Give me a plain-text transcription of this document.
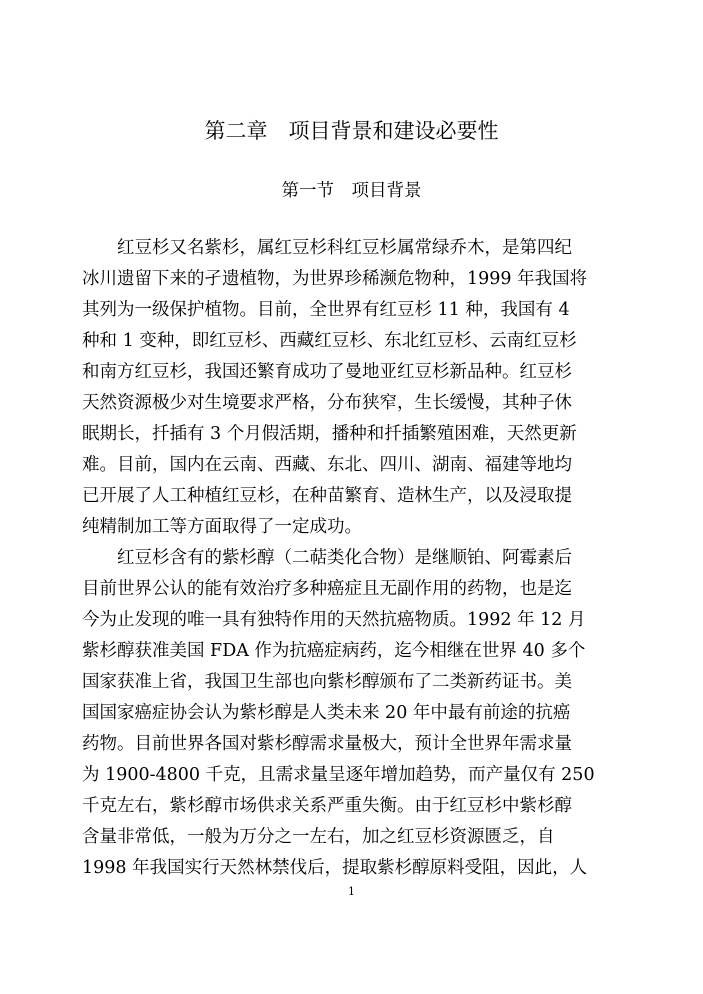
第二章　项目背景和建设必要性
第一节　项目背景
　　红豆杉又名紫杉，属红豆杉科红豆杉属常绿乔木，是第四纪
冰川遗留下来的孑遗植物，为世界珍稀濒危物种，1999 年我国将
其列为一级保护植物。目前，全世界有红豆杉 11 种，我国有 4
种和 1 变种，即红豆杉、西藏红豆杉、东北红豆杉、云南红豆杉
和南方红豆杉，我国还繁育成功了曼地亚红豆杉新品种。红豆杉
天然资源极少对生境要求严格，分布狭窄，生长缓慢，其种子休
眠期长，扦插有 3 个月假活期，播种和扦插繁殖困难，天然更新
难。目前，国内在云南、西藏、东北、四川、湖南、福建等地均
已开展了人工种植红豆杉，在种苗繁育、造林生产，以及浸取提
纯精制加工等方面取得了一定成功。
　　红豆杉含有的紫杉醇（二萜类化合物）是继顺铂、阿霉素后
目前世界公认的能有效治疗多种癌症且无副作用的药物，也是迄
今为止发现的唯一具有独特作用的天然抗癌物质。1992 年 12 月
紫杉醇获准美国 FDA 作为抗癌症病药，迄今相继在世界 40 多个
国家获准上省，我国卫生部也向紫杉醇颁布了二类新药证书。美
国国家癌症协会认为紫杉醇是人类未来 20 年中最有前途的抗癌
药物。目前世界各国对紫杉醇需求量极大，预计全世界年需求量
为 1900-4800 千克，且需求量呈逐年增加趋势，而产量仅有 250
千克左右，紫杉醇市场供求关系严重失衡。由于红豆杉中紫杉醇
含量非常低，一般为万分之一左右，加之红豆杉资源匮乏，自
1998 年我国实行天然林禁伐后，提取紫杉醇原料受阻，因此，人
1
